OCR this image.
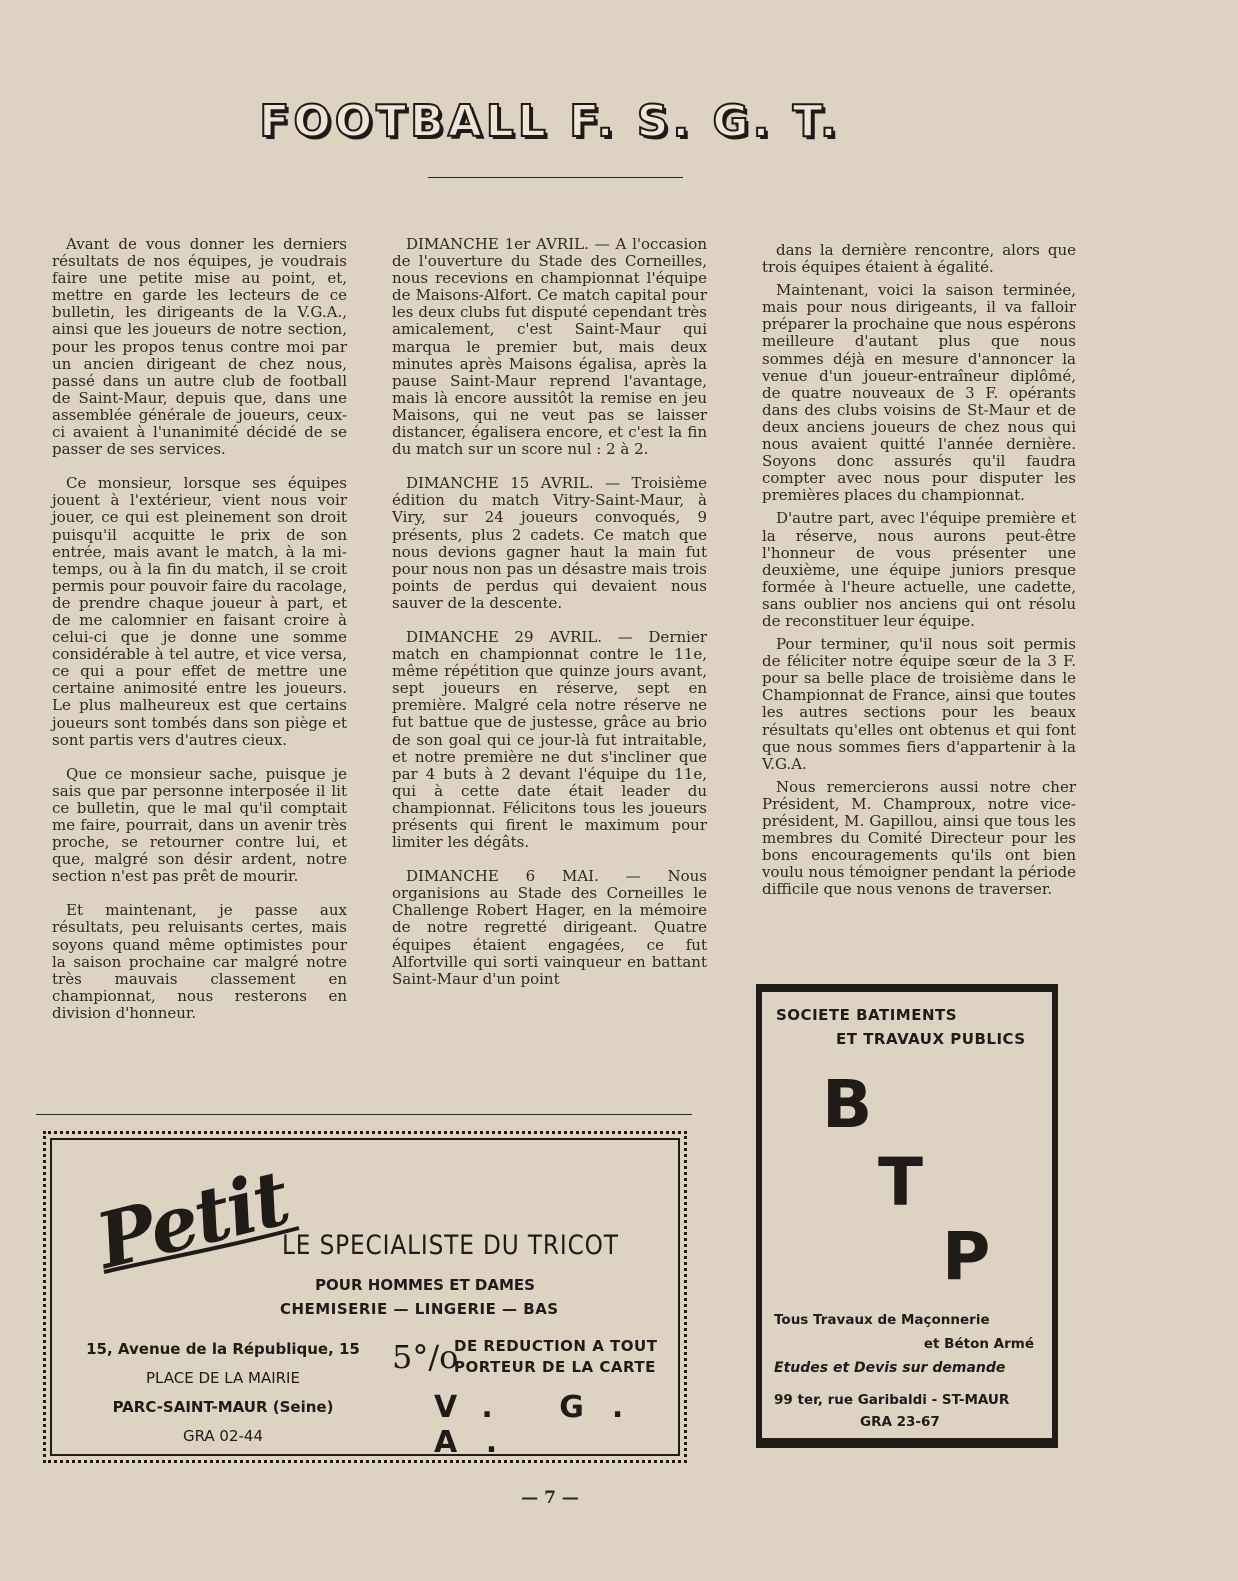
FOOTBALL F. S. G. T.

Avant de vous donner les derniers résultats de nos équipes, je voudrais faire une petite mise au point, et, mettre en garde les lecteurs de ce bulletin, les dirigeants de la V.G.A., ainsi que les joueurs de notre section, pour les propos tenus contre moi par un ancien dirigeant de chez nous, passé dans un autre club de football de Saint-Maur, depuis que, dans une assemblée générale de joueurs, ceux-ci avaient à l'unanimité décidé de se passer de ses services.

Ce monsieur, lorsque ses équipes jouent à l'extérieur, vient nous voir jouer, ce qui est pleinement son droit puisqu'il acquitte le prix de son entrée, mais avant le match, à la mi-temps, ou à la fin du match, il se croit permis pour pouvoir faire du racolage, de prendre chaque joueur à part, et de me calomnier en faisant croire à celui-ci que je donne une somme considérable à tel autre, et vice versa, ce qui a pour effet de mettre une certaine animosité entre les joueurs. Le plus malheureux est que certains joueurs sont tombés dans son piège et sont partis vers d'autres cieux.

Que ce monsieur sache, puisque je sais que par personne interposée il lit ce bulletin, que le mal qu'il comptait me faire, pourrait, dans un avenir très proche, se retourner contre lui, et que, malgré son désir ardent, notre section n'est pas prêt de mourir.

Et maintenant, je passe aux résultats, peu reluisants certes, mais soyons quand même optimistes pour la saison prochaine car malgré notre très mauvais classement en championnat, nous resterons en division d'honneur.

DIMANCHE 1er AVRIL. — A l'occasion de l'ouverture du Stade des Corneilles, nous recevions en championnat l'équipe de Maisons-Alfort. Ce match capital pour les deux clubs fut disputé cependant très amicalement, c'est Saint-Maur qui marqua le premier but, mais deux minutes après Maisons égalisa, après la pause Saint-Maur reprend l'avantage, mais là encore aussitôt la remise en jeu Maisons, qui ne veut pas se laisser distancer, égalisera encore, et c'est la fin du match sur un score nul : 2 à 2.

DIMANCHE 15 AVRIL. — Troisième édition du match Vitry-Saint-Maur, à Viry, sur 24 joueurs convoqués, 9 présents, plus 2 cadets. Ce match que nous devions gagner haut la main fut pour nous non pas un désastre mais trois points de perdus qui devaient nous sauver de la descente.

DIMANCHE 29 AVRIL. — Dernier match en championnat contre le 11e, même répétition que quinze jours avant, sept joueurs en réserve, sept en première. Malgré cela notre réserve ne fut battue que de justesse, grâce au brio de son goal qui ce jour-là fut intraitable, et notre première ne dut s'incliner que par 4 buts à 2 devant l'équipe du 11e, qui à cette date était leader du championnat. Félicitons tous les joueurs présents qui firent le maximum pour limiter les dégâts.

DIMANCHE 6 MAI. — Nous organisions au Stade des Corneilles le Challenge Robert Hager, en la mémoire de notre regretté dirigeant. Quatre équipes étaient engagées, ce fut Alfortville qui sorti vainqueur en battant Saint-Maur d'un point

dans la dernière rencontre, alors que trois équipes étaient à égalité.

Maintenant, voici la saison terminée, mais pour nous dirigeants, il va falloir préparer la prochaine que nous espérons meilleure d'autant plus que nous sommes déjà en mesure d'annoncer la venue d'un joueur-entraîneur diplômé, de quatre nouveaux de 3 F. opérants dans des clubs voisins de St-Maur et de deux anciens joueurs de chez nous qui nous avaient quitté l'année dernière. Soyons donc assurés qu'il faudra compter avec nous pour disputer les premières places du championnat.

D'autre part, avec l'équipe première et la réserve, nous aurons peut-être l'honneur de vous présenter une deuxième, une équipe juniors presque formée à l'heure actuelle, une cadette, sans oublier nos anciens qui ont résolu de reconstituer leur équipe.

Pour terminer, qu'il nous soit permis de féliciter notre équipe sœur de la 3 F. pour sa belle place de troisième dans le Championnat de France, ainsi que toutes les autres sections pour les beaux résultats qu'elles ont obtenus et qui font que nous sommes fiers d'appartenir à la V.G.A.

Nous remercierons aussi notre cher Président, M. Champroux, notre vice-président, M. Gapillou, ainsi que tous les membres du Comité Directeur pour les bons encouragements qu'ils ont bien voulu nous témoigner pendant la période difficile que nous venons de traverser.

Petit
LE SPECIALISTE DU TRICOT
POUR HOMMES ET DAMES
CHEMISERIE — LINGERIE — BAS
15, Avenue de la République, 15
PLACE DE LA MAIRIE
PARC-SAINT-MAUR (Seine)
GRA 02-44
5°/o
DE REDUCTION A TOUT
PORTEUR DE LA CARTE
V. G. A.
SOCIETE BATIMENTS
ET TRAVAUX PUBLICS
B
T
P
Tous Travaux de Maçonnerie
et Béton Armé
Etudes et Devis sur demande
99 ter, rue Garibaldi - ST-MAUR
GRA 23-67
— 7 —
